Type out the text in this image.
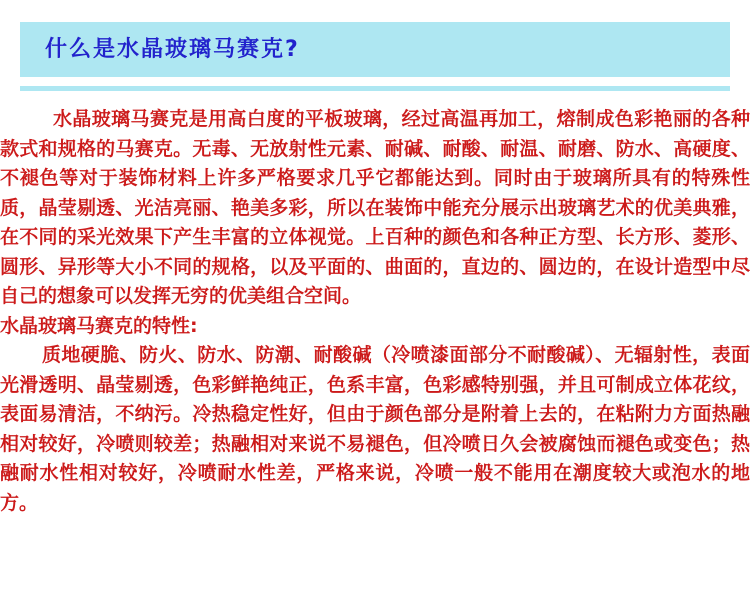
什么是水晶玻璃马赛克?

水晶玻璃马赛克是用高白度的平板玻璃，经过高温再加工，熔制成色彩艳丽的各种款式和规格的马赛克。无毒、无放射性元素、耐碱、耐酸、耐温、耐磨、防水、高硬度、不褪色等对于装饰材料上许多严格要求几乎它都能达到。同时由于玻璃所具有的特殊性质，晶莹剔透、光洁亮丽、艳美多彩，所以在装饰中能充分展示出玻璃艺术的优美典雅，在不同的采光效果下产生丰富的立体视觉。上百种的颜色和各种正方型、长方形、菱形、圆形、异形等大小不同的规格，以及平面的、曲面的，直边的、圆边的，在设计造型中尽自己的想象可以发挥无穷的优美组合空间。

水晶玻璃马赛克的特性:

质地硬脆、防火、防水、防潮、耐酸碱（冷喷漆面部分不耐酸碱）、无辐射性，表面光滑透明、晶莹剔透，色彩鲜艳纯正，色系丰富，色彩感特别强，并且可制成立体花纹，表面易清洁，不纳污。冷热稳定性好，但由于颜色部分是附着上去的，在粘附力方面热融相对较好，冷喷则较差；热融相对来说不易褪色，但冷喷日久会被腐蚀而褪色或变色；热融耐水性相对较好，冷喷耐水性差，严格来说，冷喷一般不能用在潮度较大或泡水的地方。
